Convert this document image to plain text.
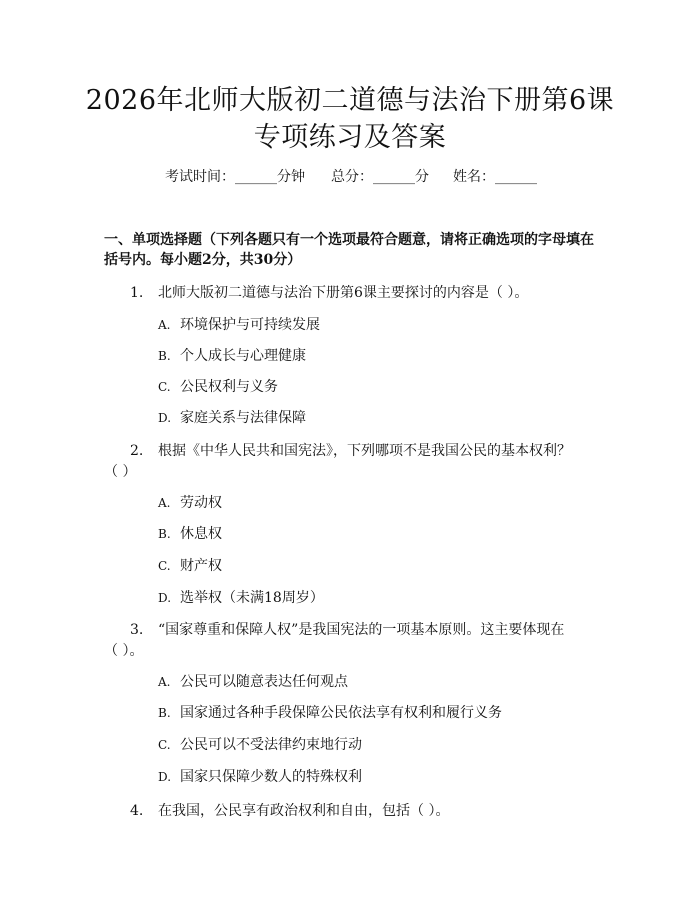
2026年北师大版初二道德与法治下册第6课
专项练习及答案
考试时间：______分钟 总分：______分 姓名：______
一、单项选择题（下列各题只有一个选项最符合题意，请将正确选项的字母填在
括号内。每小题2分，共30分）
1. 北师大版初二道德与法治下册第6课主要探讨的内容是（ ）。
A. 环境保护与可持续发展
B. 个人成长与心理健康
C. 公民权利与义务
D. 家庭关系与法律保障
2. 根据《中华人民共和国宪法》，下列哪项不是我国公民的基本权利？
（ ）
A. 劳动权
B. 休息权
C. 财产权
D. 选举权（未满18周岁）
3. “国家尊重和保障人权”是我国宪法的一项基本原则。这主要体现在
（ ）。
A. 公民可以随意表达任何观点
B. 国家通过各种手段保障公民依法享有权利和履行义务
C. 公民可以不受法律约束地行动
D. 国家只保障少数人的特殊权利
4. 在我国，公民享有政治权利和自由，包括（ ）。
